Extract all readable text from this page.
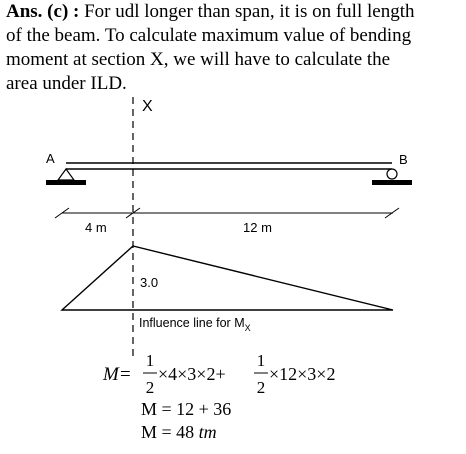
Ans. (c) : For udl longer than span, it is on full length
of the beam. To calculate maximum value of bending
moment at section X, we will have to calculate the
area under ILD.
X
A	B
4 m	12 m
3.0
Influence line for $M_X$
M =
1
2
×4×3×2+
1
2
×12×3×2
M = 12 + 36
M = 48 tm
